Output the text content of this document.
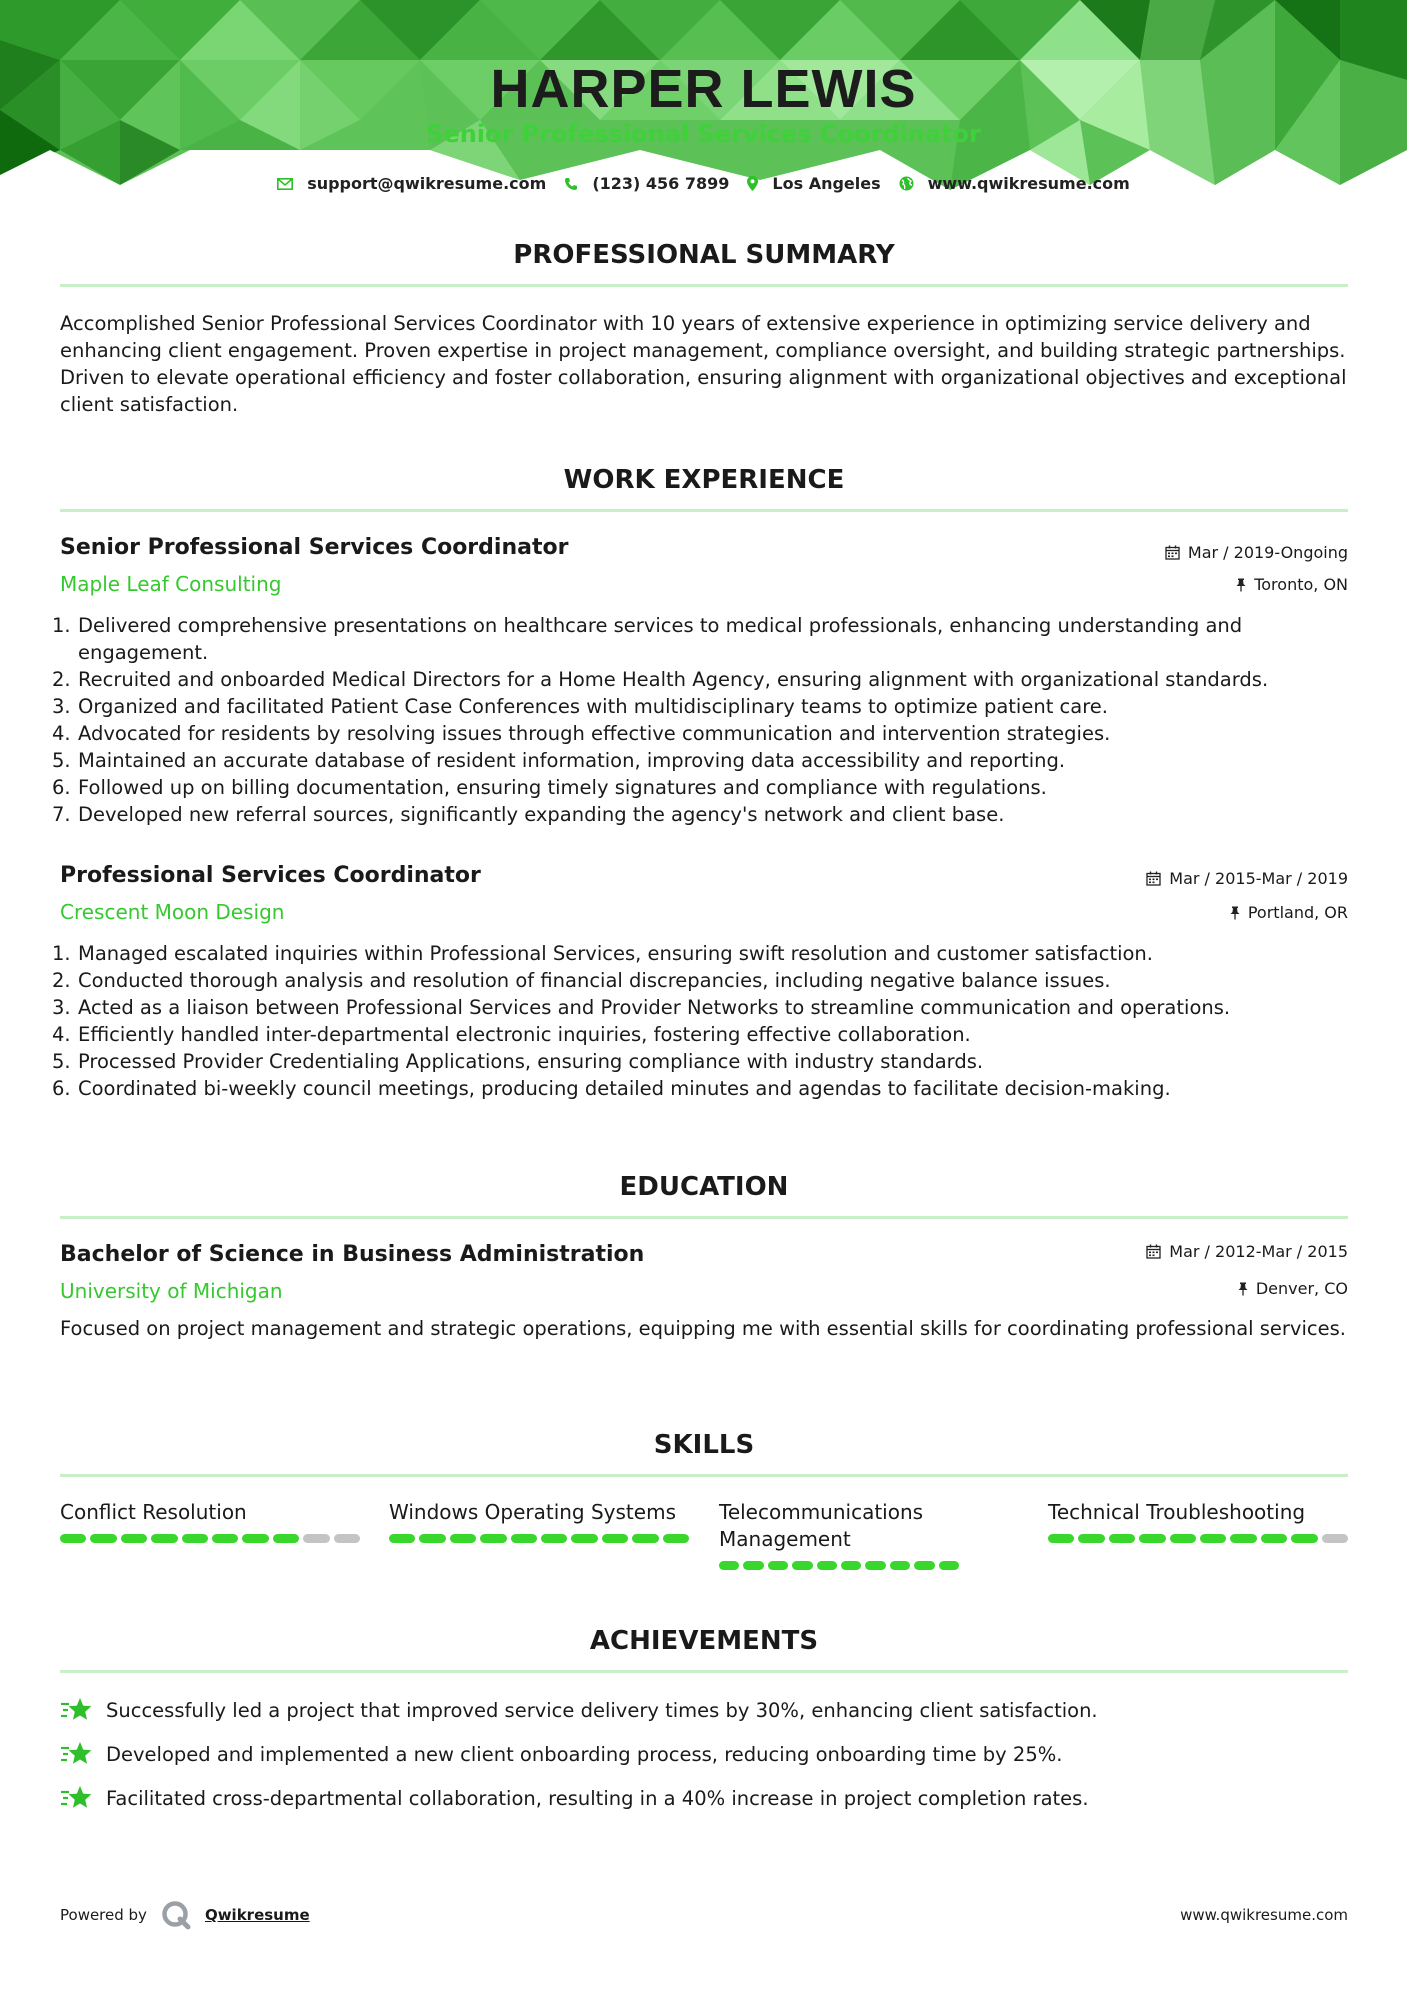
HARPER LEWIS
Senior Professional Services Coordinator
support@qwikresume.com	(123) 456 7899	Los Angeles	www.qwikresume.com
PROFESSIONAL SUMMARY
Accomplished Senior Professional Services Coordinator with 10 years of extensive experience in optimizing service delivery and enhancing client engagement. Proven expertise in project management, compliance oversight, and building strategic partnerships. Driven to elevate operational efficiency and foster collaboration, ensuring alignment with organizational objectives and exceptional client satisfaction.
WORK EXPERIENCE
Senior Professional Services Coordinator	Mar / 2019-Ongoing
Maple Leaf Consulting	Toronto, ON
1. Delivered comprehensive presentations on healthcare services to medical professionals, enhancing understanding and engagement.
2. Recruited and onboarded Medical Directors for a Home Health Agency, ensuring alignment with organizational standards.
3. Organized and facilitated Patient Case Conferences with multidisciplinary teams to optimize patient care.
4. Advocated for residents by resolving issues through effective communication and intervention strategies.
5. Maintained an accurate database of resident information, improving data accessibility and reporting.
6. Followed up on billing documentation, ensuring timely signatures and compliance with regulations.
7. Developed new referral sources, significantly expanding the agency's network and client base.
Professional Services Coordinator	Mar / 2015-Mar / 2019
Crescent Moon Design	Portland, OR
1. Managed escalated inquiries within Professional Services, ensuring swift resolution and customer satisfaction.
2. Conducted thorough analysis and resolution of financial discrepancies, including negative balance issues.
3. Acted as a liaison between Professional Services and Provider Networks to streamline communication and operations.
4. Efficiently handled inter-departmental electronic inquiries, fostering effective collaboration.
5. Processed Provider Credentialing Applications, ensuring compliance with industry standards.
6. Coordinated bi-weekly council meetings, producing detailed minutes and agendas to facilitate decision-making.
EDUCATION
Bachelor of Science in Business Administration	Mar / 2012-Mar / 2015
University of Michigan	Denver, CO
Focused on project management and strategic operations, equipping me with essential skills for coordinating professional services.
SKILLS
Conflict Resolution	Windows Operating Systems	Telecommunications Management
Technical Troubleshooting
ACHIEVEMENTS
Successfully led a project that improved service delivery times by 30%, enhancing client satisfaction.
Developed and implemented a new client onboarding process, reducing onboarding time by 25%.
Facilitated cross-departmental collaboration, resulting in a 40% increase in project completion rates.
Powered by	Qwikresume	www.qwikresume.com
